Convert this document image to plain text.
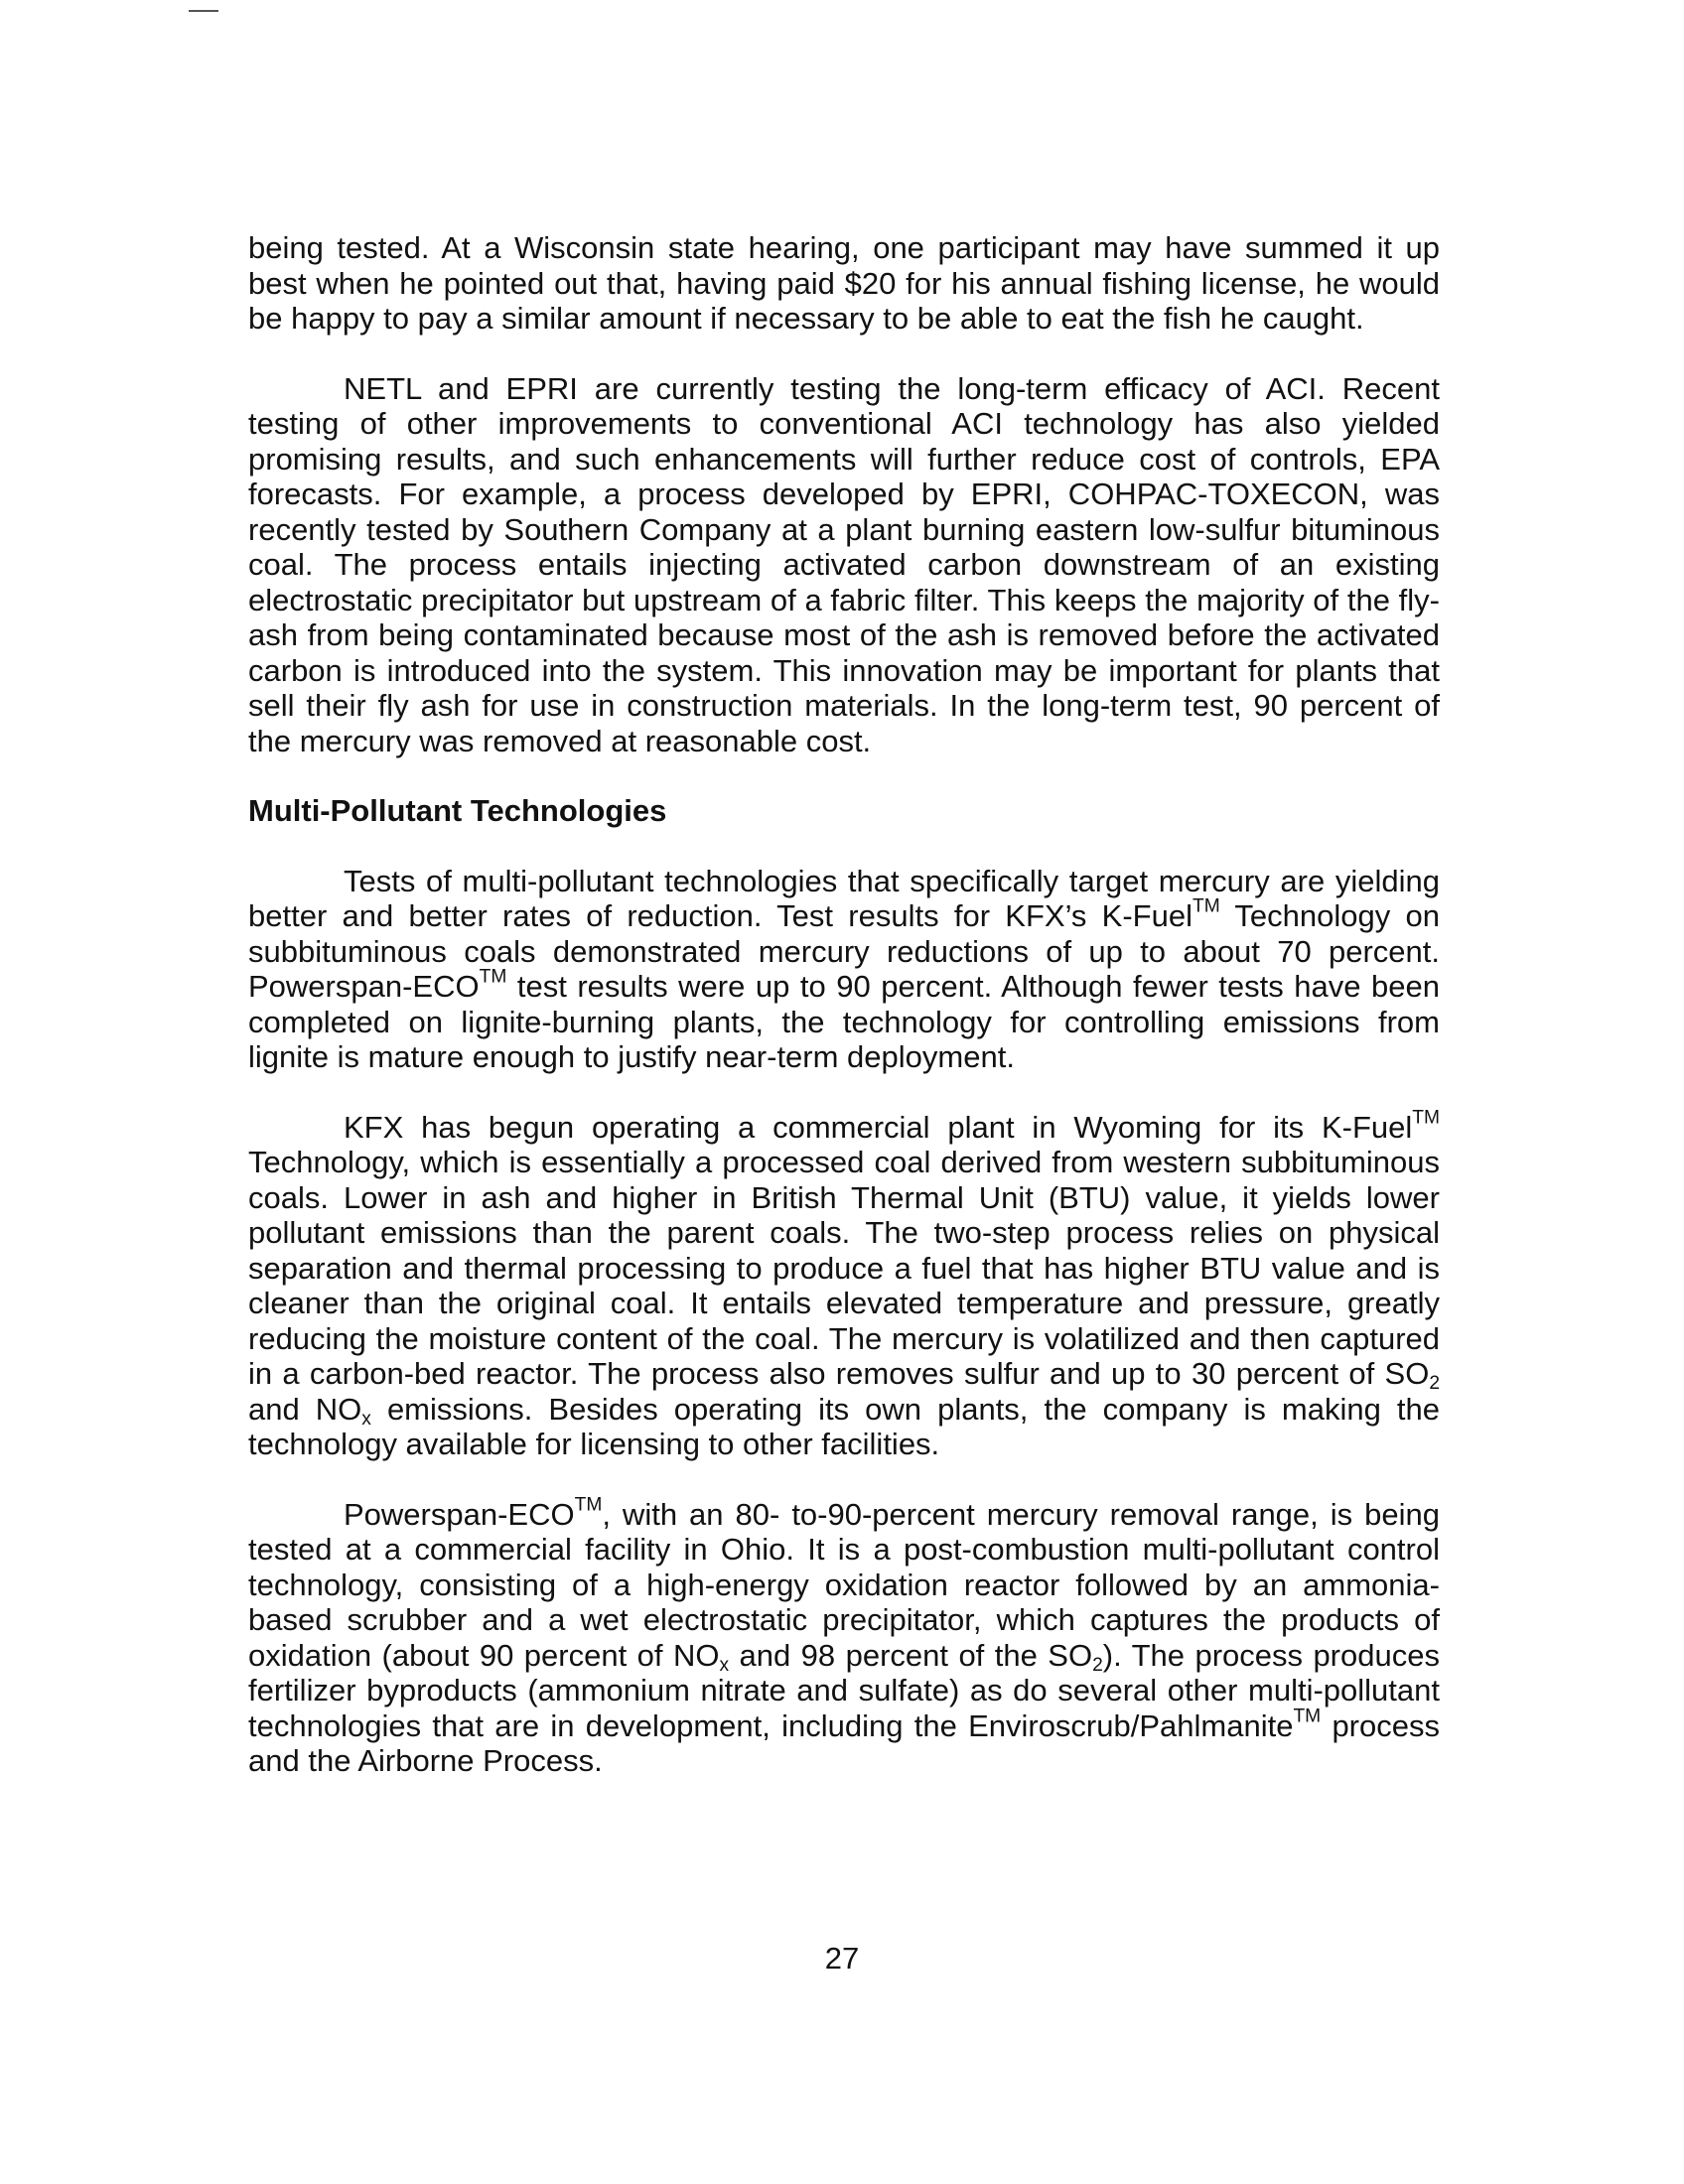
being tested. At a Wisconsin state hearing, one participant may have summed it up best when he pointed out that, having paid $20 for his annual fishing license, he would be happy to pay a similar amount if necessary to be able to eat the fish he caught.

NETL and EPRI are currently testing the long-term efficacy of ACI. Recent testing of other improvements to conventional ACI technology has also yielded promising results, and such enhancements will further reduce cost of controls, EPA forecasts. For example, a process developed by EPRI, COHPAC-TOXECON, was recently tested by Southern Company at a plant burning eastern low-sulfur bituminous coal. The process entails injecting activated carbon downstream of an existing electrostatic precipitator but upstream of a fabric filter. This keeps the majority of the fly-ash from being contaminated because most of the ash is removed before the activated carbon is introduced into the system. This innovation may be important for plants that sell their fly ash for use in construction materials. In the long-term test, 90 percent of the mercury was removed at reasonable cost.

Multi-Pollutant Technologies

Tests of multi-pollutant technologies that specifically target mercury are yielding better and better rates of reduction. Test results for KFX’s K-Fuel™ Technology on subbituminous coals demonstrated mercury reductions of up to about 70 percent. Powerspan-ECO™ test results were up to 90 percent. Although fewer tests have been completed on lignite-burning plants, the technology for controlling emissions from lignite is mature enough to justify near-term deployment.

KFX has begun operating a commercial plant in Wyoming for its K-Fuel™ Technology, which is essentially a processed coal derived from western subbituminous coals. Lower in ash and higher in British Thermal Unit (BTU) value, it yields lower pollutant emissions than the parent coals. The two-step process relies on physical separation and thermal processing to produce a fuel that has higher BTU value and is cleaner than the original coal. It entails elevated temperature and pressure, greatly reducing the moisture content of the coal. The mercury is volatilized and then captured in a carbon-bed reactor. The process also removes sulfur and up to 30 percent of $SO_2$ and $NO_x$ emissions. Besides operating its own plants, the company is making the technology available for licensing to other facilities.

Powerspan-ECO™, with an 80- to-90-percent mercury removal range, is being tested at a commercial facility in Ohio. It is a post-combustion multi-pollutant control technology, consisting of a high-energy oxidation reactor followed by an ammonia-based scrubber and a wet electrostatic precipitator, which captures the products of oxidation (about 90 percent of $NO_x$ and 98 percent of the $SO_2$). The process produces fertilizer byproducts (ammonium nitrate and sulfate) as do several other multi-pollutant technologies that are in development, including the Enviroscrub/Pahlmanite™ process and the Airborne Process.

27
